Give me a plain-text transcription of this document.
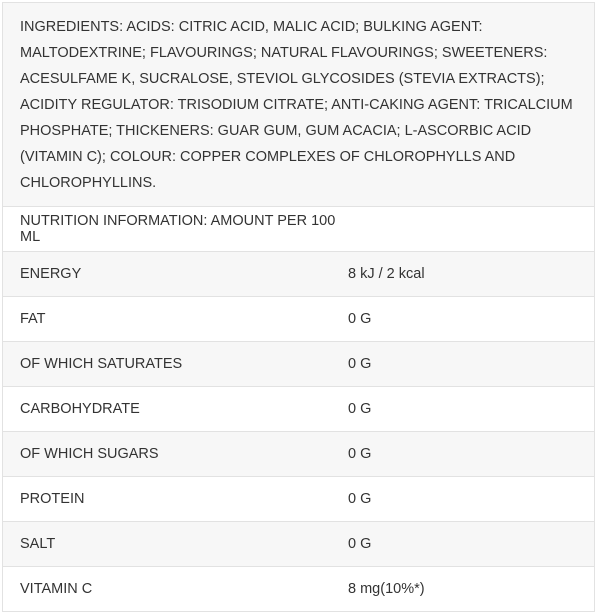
INGREDIENTS: ACIDS: CITRIC ACID, MALIC ACID; BULKING AGENT: MALTODEXTRINE; FLAVOURINGS; NATURAL FLAVOURINGS; SWEETENERS: ACESULFAME K, SUCRALOSE, STEVIOL GLYCOSIDES (STEVIA EXTRACTS); ACIDITY REGULATOR: TRISODIUM CITRATE; ANTI-CAKING AGENT: TRICALCIUM PHOSPHATE; THICKENERS: GUAR GUM, GUM ACACIA; L-ASCORBIC ACID (VITAMIN C); COLOUR: COPPER COMPLEXES OF CHLOROPHYLLS AND CHLOROPHYLLINS.
NUTRITION INFORMATION: AMOUNT PER 100 ML
ENERGY	8 kJ / 2 kcal
FAT	0 G
OF WHICH SATURATES	0 G
CARBOHYDRATE	0 G
OF WHICH SUGARS	0 G
PROTEIN	0 G
SALT	0 G
VITAMIN C	8 mg(10%*)
